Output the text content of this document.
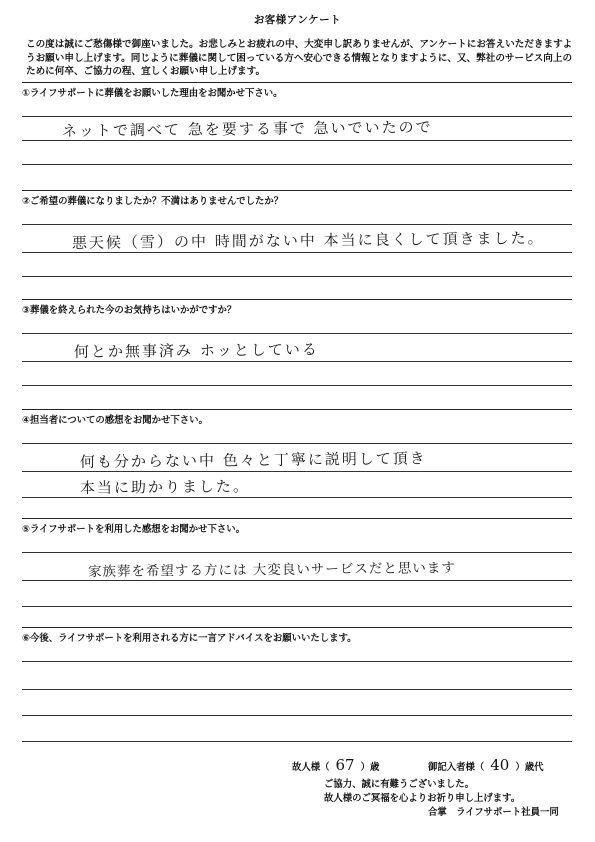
お客様アンケート
この度は誠にご愁傷様で御座いました。お悲しみとお疲れの中、大変申し訳ありませんが、アンケートにお答えいただきますようお願い申し上げます。同じように葬儀に関して困っている方へ安心できる情報となりますように、又、弊社のサービス向上のために何卒、ご協力の程、宜しくお願い申し上げます。
①ライフサポートに葬儀をお願いした理由をお聞かせ下さい。
ネットで調べて 急を要する事で 急いでいたので
②ご希望の葬儀になりましたか？不満はありませんでしたか？
悪天候（雪）の中 時間がない中 本当に良くして頂きました。
③葬儀を終えられた今のお気持ちはいかがですか？
何とか無事済み ホッとしている
④担当者についての感想をお聞かせ下さい。
何も分からない中 色々と丁寧に説明して頂き
本当に助かりました。
⑤ライフサポートを利用した感想をお聞かせ下さい。
家族葬を希望する方には 大変良いサービスだと思います
⑥今後、ライフサポートを利用される方に一言アドバイスをお願いいたします。
故人様（ 67 ）歳	御記入者様（ 40 ）歳代
ご協力、誠に有難うございました。
故人様のご冥福を心よりお祈り申し上げます。
合掌　ライフサポート社員一同
